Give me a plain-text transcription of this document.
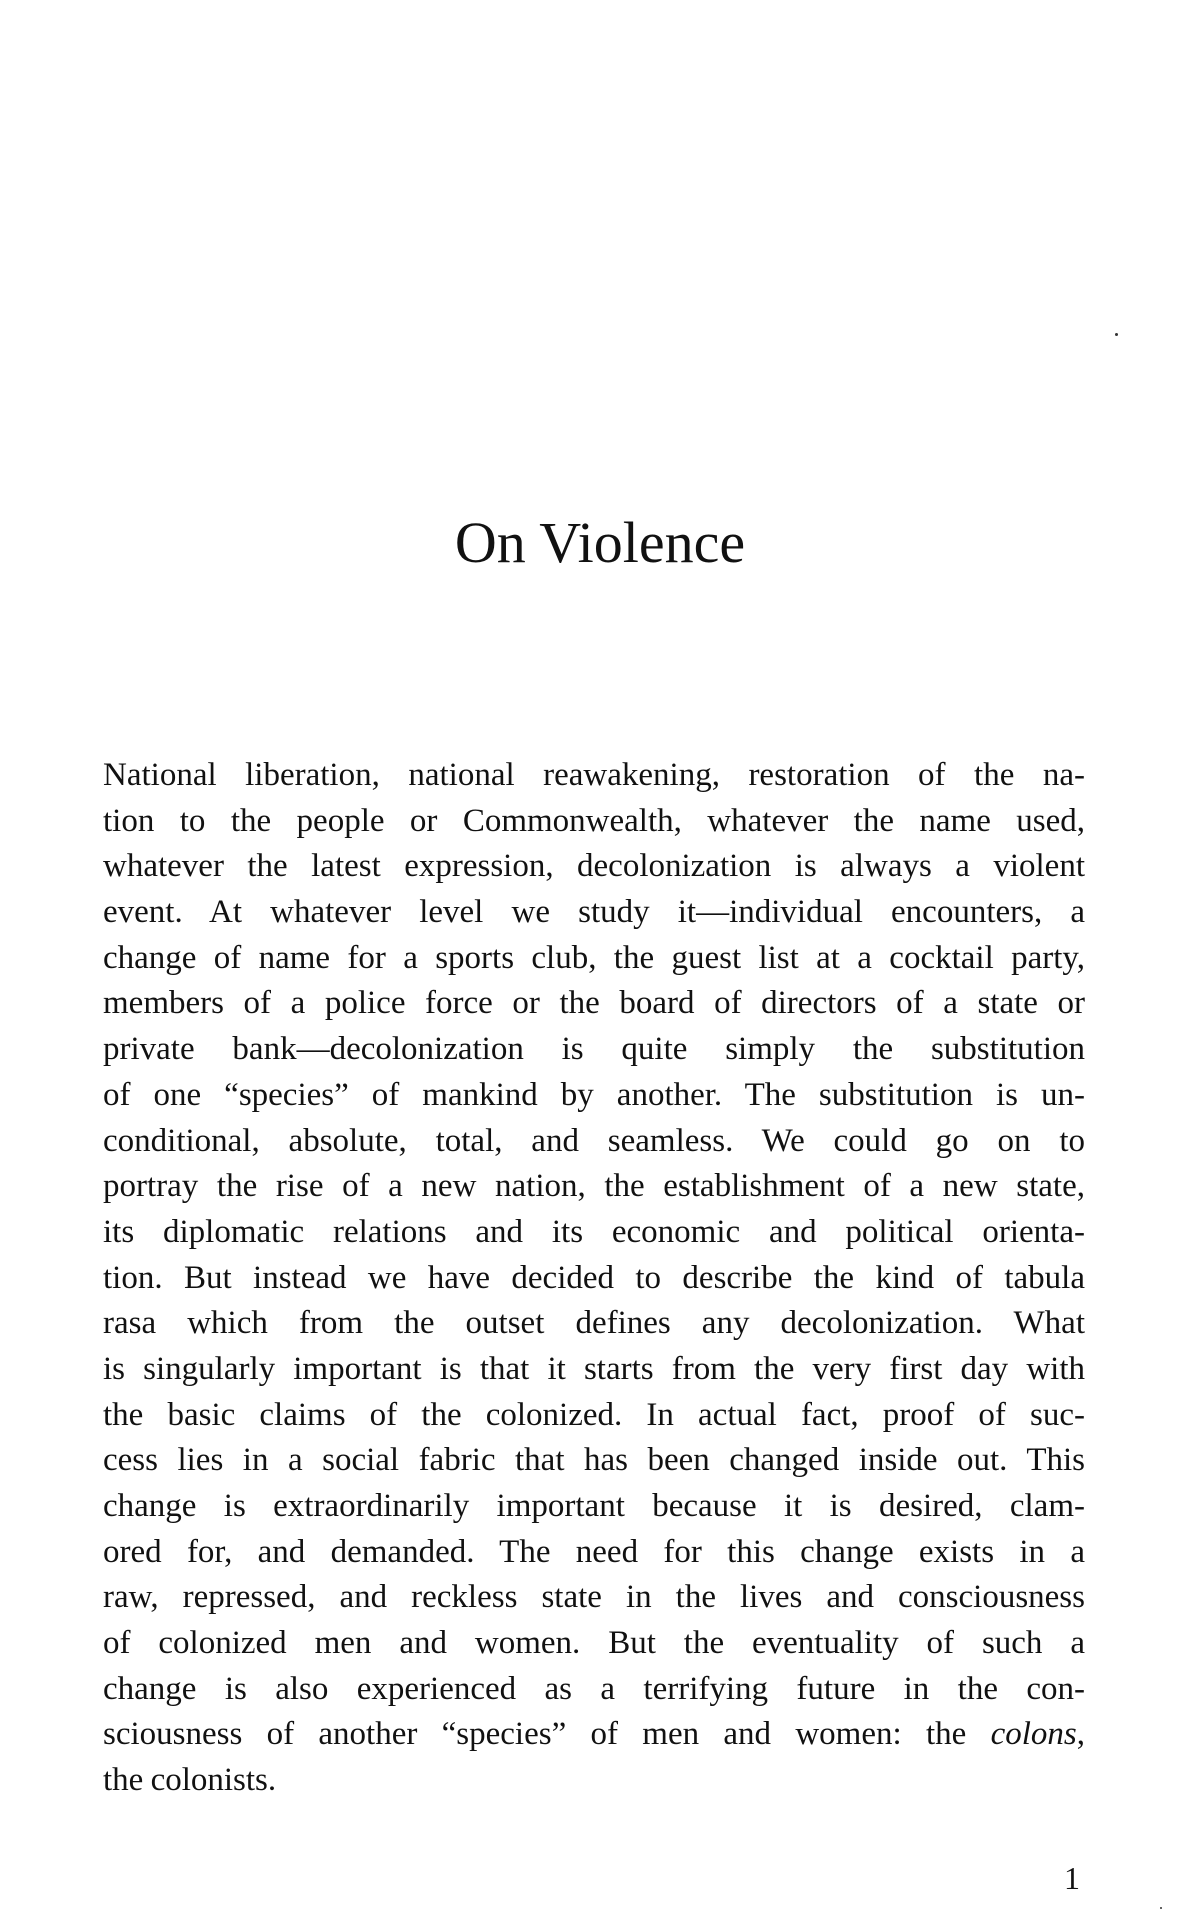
On Violence
National liberation, national reawakening, restoration of the na-
tion to the people or Commonwealth, whatever the name used,
whatever the latest expression, decolonization is always a violent
event. At whatever level we study it—individual encounters, a
change of name for a sports club, the guest list at a cocktail party,
members of a police force or the board of directors of a state or
private bank—decolonization is quite simply the substitution
of one “species” of mankind by another. The substitution is un-
conditional, absolute, total, and seamless. We could go on to
portray the rise of a new nation, the establishment of a new state,
its diplomatic relations and its economic and political orienta-
tion. But instead we have decided to describe the kind of tabula
rasa which from the outset defines any decolonization. What
is singularly important is that it starts from the very first day with
the basic claims of the colonized. In actual fact, proof of suc-
cess lies in a social fabric that has been changed inside out. This
change is extraordinarily important because it is desired, clam-
ored for, and demanded. The need for this change exists in a
raw, repressed, and reckless state in the lives and consciousness
of colonized men and women. But the eventuality of such a
change is also experienced as a terrifying future in the con-
sciousness of another “species” of men and women: the colons,
the colonists.
1
